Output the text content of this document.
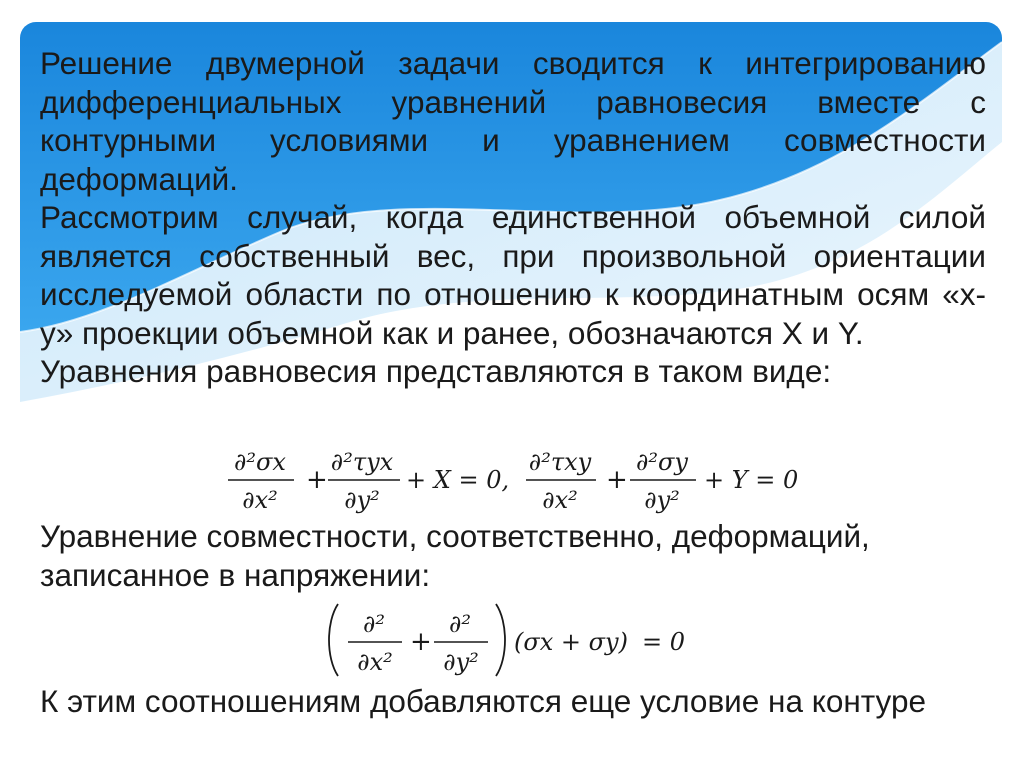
Решение двумерной задачи сводится к интегрированию дифференциальных уравнений равновесия вместе с контурными условиями и уравнением совместности деформаций.

Рассмотрим случай, когда единственной объемной силой является собственный вес, при произвольной ориентации исследуемой области по отношению к координатным осям «x-y» проекции объемной как и ранее, обозначаются X и Y.
Уравнения равновесия представляются в таком виде:
∂²σx
∂x²
+
∂²τyx
∂y²
+ X = 0,
∂²τxy
∂x²
+
∂²σy
∂y²
+ Y = 0

Уравнение совместности, соответственно, деформаций, записанное в напряжении:

∂²
∂x²
+
∂²
∂y²
(σx + σy) = 0

К этим соотношениям добавляются еще условие на контуре
